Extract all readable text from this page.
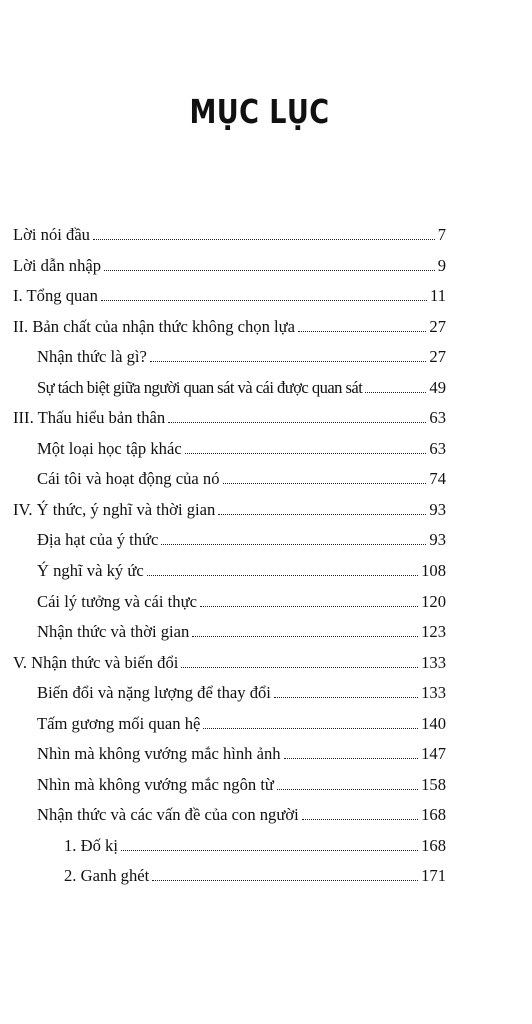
MỤC LỤC
Lời nói đầu	7
Lời dẫn nhập	9
I. Tổng quan	11
II. Bản chất của nhận thức không chọn lựa	27
Nhận thức là gì?	27
Sự tách biệt giữa người quan sát và cái được quan sát	49
III. Thấu hiểu bản thân	63
Một loại học tập khác	63
Cái tôi và hoạt động của nó	74
IV. Ý thức, ý nghĩ và thời gian	93
Địa hạt của ý thức	93
Ý nghĩ và ký ức	108
Cái lý tưởng và cái thực	120
Nhận thức và thời gian	123
V. Nhận thức và biến đổi	133
Biến đổi và nặng lượng để thay đổi	133
Tấm gương mối quan hệ	140
Nhìn mà không vướng mắc hình ảnh	147
Nhìn mà không vướng mắc ngôn từ	158
Nhận thức và các vấn đề của con người	168
1. Đố kị	168
2. Ganh ghét	171
